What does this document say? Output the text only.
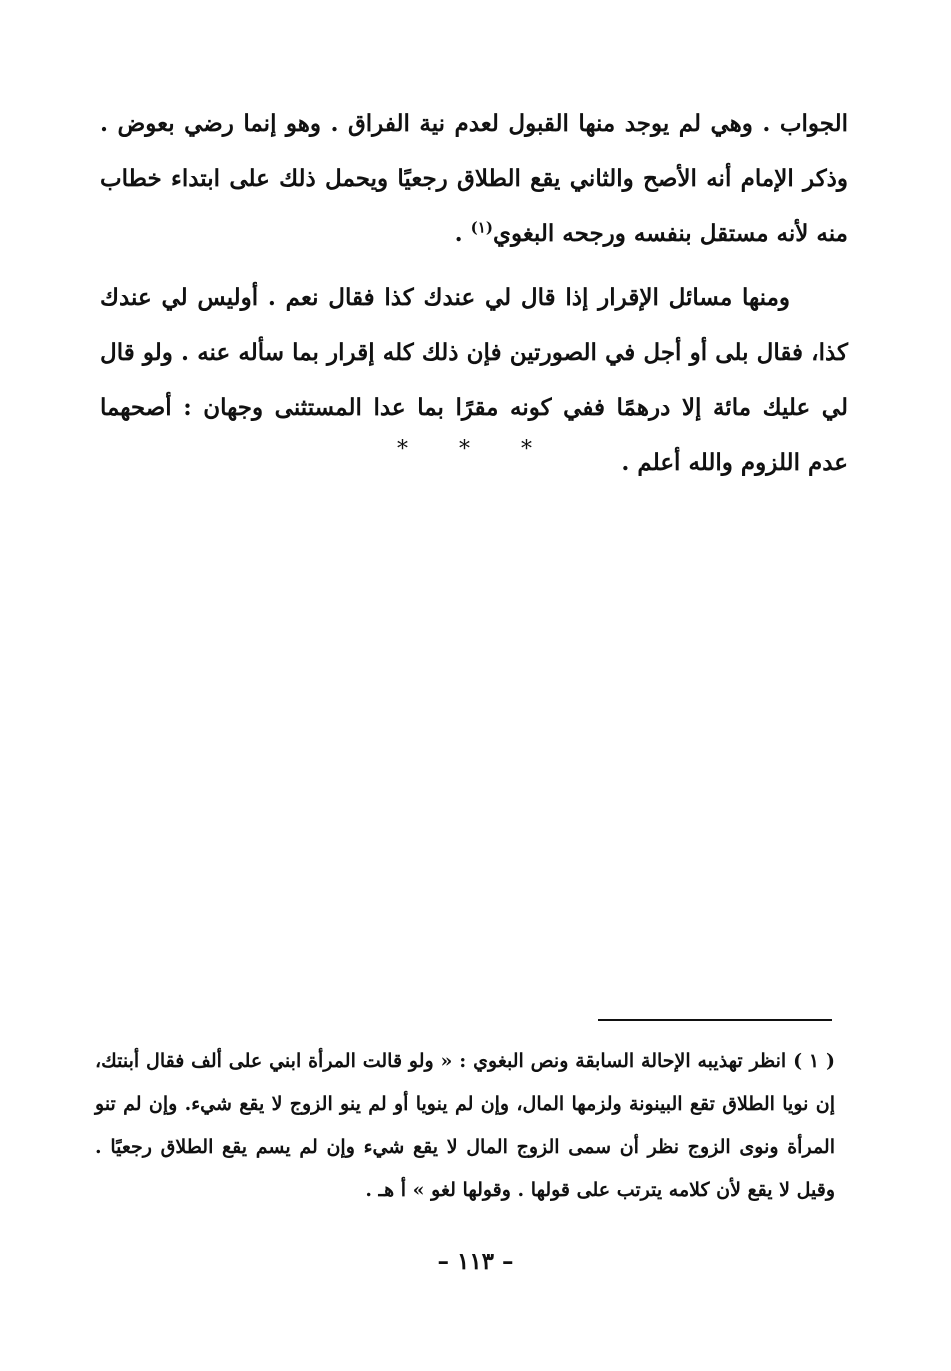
الجواب . وهي لم يوجد منها القبول لعدم نية الفراق . وهو إنما رضي بعوض . وذكر الإمام أنه الأصح والثاني يقع الطلاق رجعيًا ويحمل ذلك على ابتداء خطاب منه لأنه مستقل بنفسه ورجحه البغوي$^{(١)}$ .

ومنها مسائل الإقرار إذا قال لي عندك كذا فقال نعم . أوليس لي عندك كذا، فقال بلى أو أجل في الصورتين فإن ذلك كله إقرار بما سأله عنه . ولو قال لي عليك مائة إلا درهمًا ففي كونه مقرًا بما عدا المستثنى وجهان : أصحهما عدم اللزوم والله أعلم .

* * *
( ١ ) انظر تهذيبه الإحالة السابقة ونص البغوي : « ولو قالت المرأة ابني على ألف فقال أبنتك، إن نويا الطلاق تقع البينونة ولزمها المال، وإن لم ينويا أو لم ينو الزوج لا يقع شيء. وإن لم تنو المرأة ونوى الزوج نظر أن سمى الزوج المال لا يقع شيء وإن لم يسم يقع الطلاق رجعيًا . وقيل لا يقع لأن كلامه يترتب على قولها . وقولها لغو » أ هـ .
– ١١٣ –
